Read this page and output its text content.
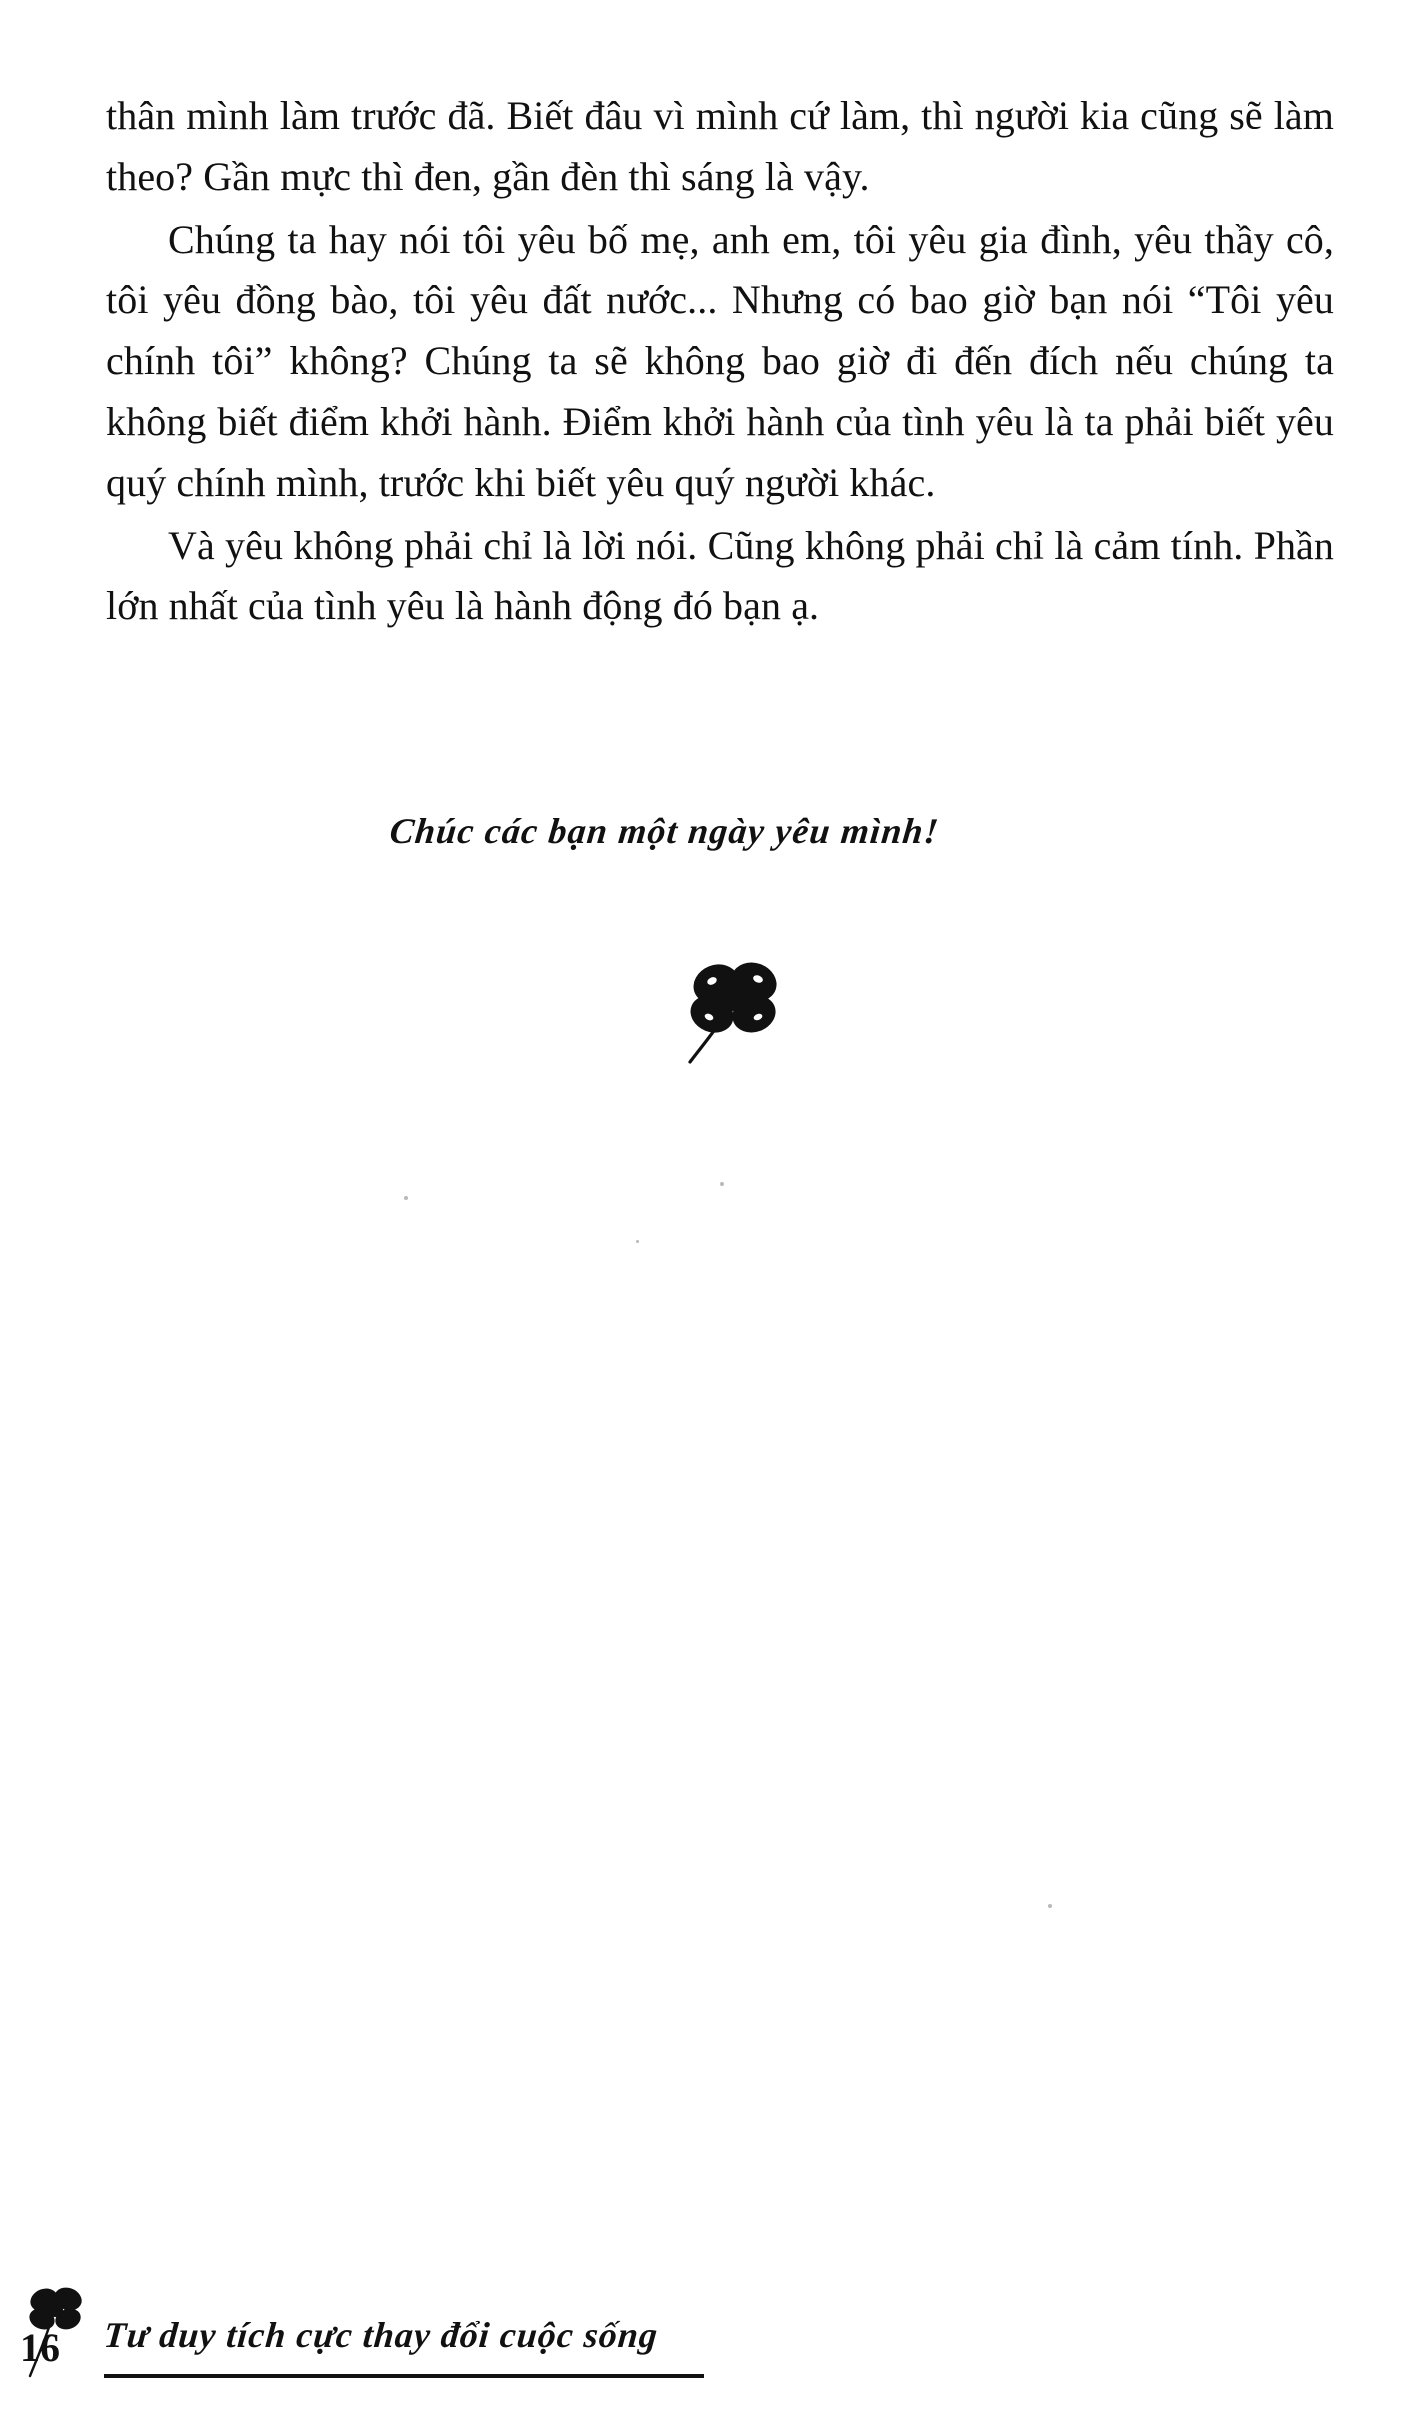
thân mình làm trước đã. Biết đâu vì mình cứ làm, thì người kia cũng sẽ làm theo? Gần mực thì đen, gần đèn thì sáng là vậy.

Chúng ta hay nói tôi yêu bố mẹ, anh em, tôi yêu gia đình, yêu thầy cô, tôi yêu đồng bào, tôi yêu đất nước... Nhưng có bao giờ bạn nói “Tôi yêu chính tôi” không? Chúng ta sẽ không bao giờ đi đến đích nếu chúng ta không biết điểm khởi hành. Điểm khởi hành của tình yêu là ta phải biết yêu quý chính mình, trước khi biết yêu quý người khác.

Và yêu không phải chỉ là lời nói. Cũng không phải chỉ là cảm tính. Phần lớn nhất của tình yêu là hành động đó bạn ạ.

Chúc các bạn một ngày yêu mình!
16 Tư duy tích cực thay đổi cuộc sống
